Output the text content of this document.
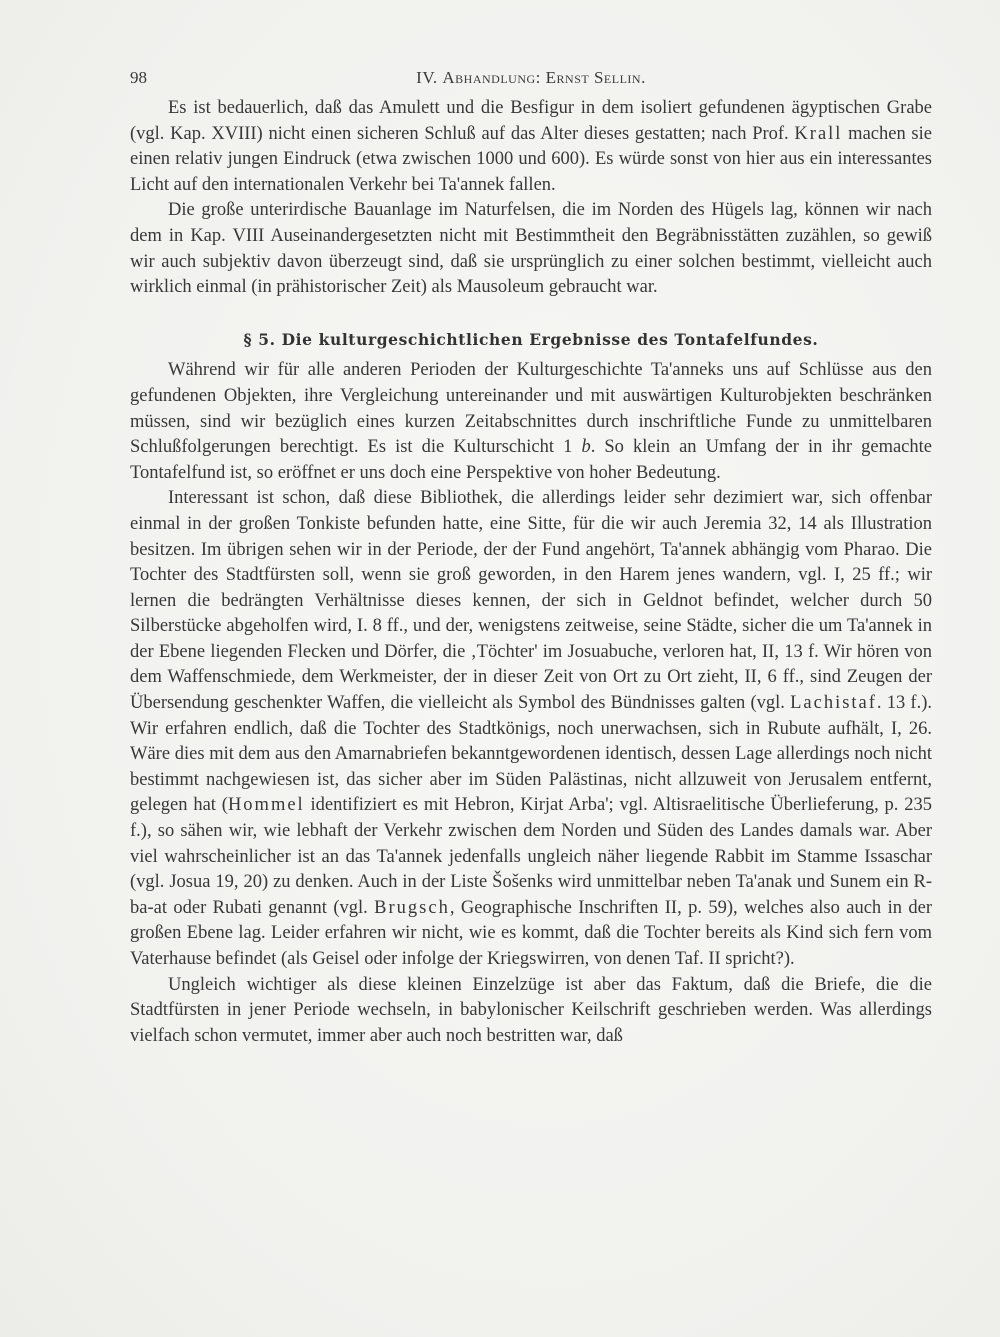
98	IV. Abhandlung: Ernst Sellin.

Es ist bedauerlich, daß das Amulett und die Besfigur in dem isoliert gefundenen ägyptischen Grabe (vgl. Kap. XVIII) nicht einen sicheren Schluß auf das Alter dieses gestatten; nach Prof. Krall machen sie einen relativ jungen Eindruck (etwa zwischen 1000 und 600). Es würde sonst von hier aus ein interessantes Licht auf den internationalen Verkehr bei Ta'annek fallen.

Die große unterirdische Bauanlage im Naturfelsen, die im Norden des Hügels lag, können wir nach dem in Kap. VIII Auseinandergesetzten nicht mit Bestimmtheit den Begräbnisstätten zuzählen, so gewiß wir auch subjektiv davon überzeugt sind, daß sie ursprünglich zu einer solchen bestimmt, vielleicht auch wirklich einmal (in prähistorischer Zeit) als Mausoleum gebraucht war.

§ 5. Die kulturgeschichtlichen Ergebnisse des Tontafelfundes.

Während wir für alle anderen Perioden der Kulturgeschichte Ta'anneks uns auf Schlüsse aus den gefundenen Objekten, ihre Vergleichung untereinander und mit auswärtigen Kulturobjekten beschränken müssen, sind wir bezüglich eines kurzen Zeitabschnittes durch inschriftliche Funde zu unmittelbaren Schlußfolgerungen berechtigt. Es ist die Kulturschicht 1 b. So klein an Umfang der in ihr gemachte Tontafelfund ist, so eröffnet er uns doch eine Perspektive von hoher Bedeutung.

Interessant ist schon, daß diese Bibliothek, die allerdings leider sehr dezimiert war, sich offenbar einmal in der großen Tonkiste befunden hatte, eine Sitte, für die wir auch Jeremia 32, 14 als Illustration besitzen. Im übrigen sehen wir in der Periode, der der Fund angehört, Ta'annek abhängig vom Pharao. Die Tochter des Stadtfürsten soll, wenn sie groß geworden, in den Harem jenes wandern, vgl. I, 25 ff.; wir lernen die bedrängten Verhältnisse dieses kennen, der sich in Geldnot befindet, welcher durch 50 Silberstücke abgeholfen wird, I. 8 ff., und der, wenigstens zeitweise, seine Städte, sicher die um Ta'annek in der Ebene liegenden Flecken und Dörfer, die ‚Töchter' im Josuabuche, verloren hat, II, 13 f. Wir hören von dem Waffenschmiede, dem Werkmeister, der in dieser Zeit von Ort zu Ort zieht, II, 6 ff., sind Zeugen der Übersendung geschenkter Waffen, die vielleicht als Symbol des Bündnisses galten (vgl. Lachistaf. 13 f.). Wir erfahren endlich, daß die Tochter des Stadtkönigs, noch unerwachsen, sich in Rubute aufhält, I, 26. Wäre dies mit dem aus den Amarnabriefen bekanntgewordenen identisch, dessen Lage allerdings noch nicht bestimmt nachgewiesen ist, das sicher aber im Süden Palästinas, nicht allzuweit von Jerusalem entfernt, gelegen hat (Hommel identifiziert es mit Hebron, Kirjat Arba'; vgl. Altisraelitische Überlieferung, p. 235 f.), so sähen wir, wie lebhaft der Verkehr zwischen dem Norden und Süden des Landes damals war. Aber viel wahrscheinlicher ist an das Ta'annek jedenfalls ungleich näher liegende Rabbit im Stamme Issaschar (vgl. Josua 19, 20) zu denken. Auch in der Liste Šošenks wird unmittelbar neben Ta'anak und Sunem ein R-ba-at oder Rubati genannt (vgl. Brugsch, Geographische Inschriften II, p. 59), welches also auch in der großen Ebene lag. Leider erfahren wir nicht, wie es kommt, daß die Tochter bereits als Kind sich fern vom Vaterhause befindet (als Geisel oder infolge der Kriegswirren, von denen Taf. II spricht?).

Ungleich wichtiger als diese kleinen Einzelzüge ist aber das Faktum, daß die Briefe, die die Stadtfürsten in jener Periode wechseln, in babylonischer Keilschrift geschrieben werden. Was allerdings vielfach schon vermutet, immer aber auch noch bestritten war, daß
